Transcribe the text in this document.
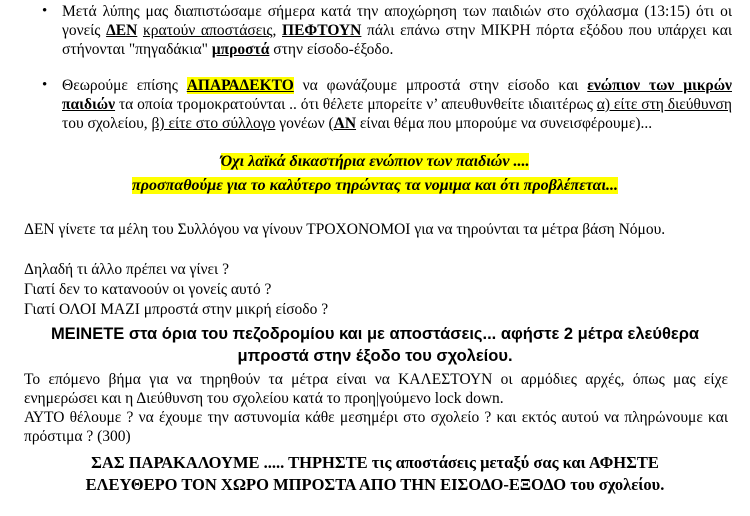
• Μετά λύπης μας διαπιστώσαμε σήμερα κατά την αποχώρηση των παιδιών στο σχόλασμα (13:15) ότι οι γονείς ΔΕΝ κρατούν αποστάσεις, ΠΕΦΤΟΥΝ πάλι επάνω στην ΜΙΚΡΗ πόρτα εξόδου που υπάρχει και στήνονται "πηγαδάκια" μπροστά στην είσοδο-έξοδο.
• Θεωρούμε επίσης ΑΠΑΡΑΔΕΚΤΟ να φωνάζουμε μπροστά στην είσοδο και ενώπιον των μικρών παιδιών τα οποία τρομοκρατούνται .. ότι θέλετε μπορείτε ν’ απευθυνθείτε ιδιαιτέρως α) είτε στη διεύθυνση του σχολείου, β) είτε στο σύλλογο γονέων (ΑΝ είναι θέμα που μπορούμε να συνεισφέρουμε)...
Όχι λαϊκά δικαστήρια ενώπιον των παιδιών ....
προσπαθούμε για το καλύτερο τηρώντας τα νομιμα και ότι προβλέπεται...
ΔΕΝ γίνετε τα μέλη του Συλλόγου να γίνουν ΤΡΟΧΟΝΟΜΟΙ για να τηρούνται τα μέτρα βάση Νόμου.
Δηλαδή τι άλλο πρέπει να γίνει ?
Γιατί δεν το κατανοούν οι γονείς αυτό ?
Γιατί ΟΛΟΙ ΜΑΖΙ μπροστά στην μικρή είσοδο ?
ΜΕΙΝΕΤΕ στα όρια του πεζοδρομίου και με αποστάσεις... αφήστε 2 μέτρα ελεύθερα
μπροστά στην έξοδο του σχολείου.
Το επόμενο βήμα για να τηρηθούν τα μέτρα είναι να ΚΑΛΕΣΤΟΥΝ οι αρμόδιες αρχές, όπως μας είχε ενημερώσει και η Διεύθυνση του σχολείου κατά το προη|γούμενο lock down.
ΑΥΤΟ θέλουμε ? να έχουμε την αστυνομία κάθε μεσημέρι στο σχολείο ? και εκτός αυτού να πληρώνουμε και πρόστιμα ? (300)
ΣΑΣ ΠΑΡΑΚΑΛΟΥΜΕ ..... ΤΗΡΗΣΤΕ τις αποστάσεις μεταξύ σας και ΑΦΗΣΤΕ
ΕΛΕΥΘΕΡΟ ΤΟΝ ΧΩΡΟ ΜΠΡΟΣΤΑ ΑΠΟ ΤΗΝ ΕΙΣΟΔΟ-ΕΞΟΔΟ του σχολείου.
